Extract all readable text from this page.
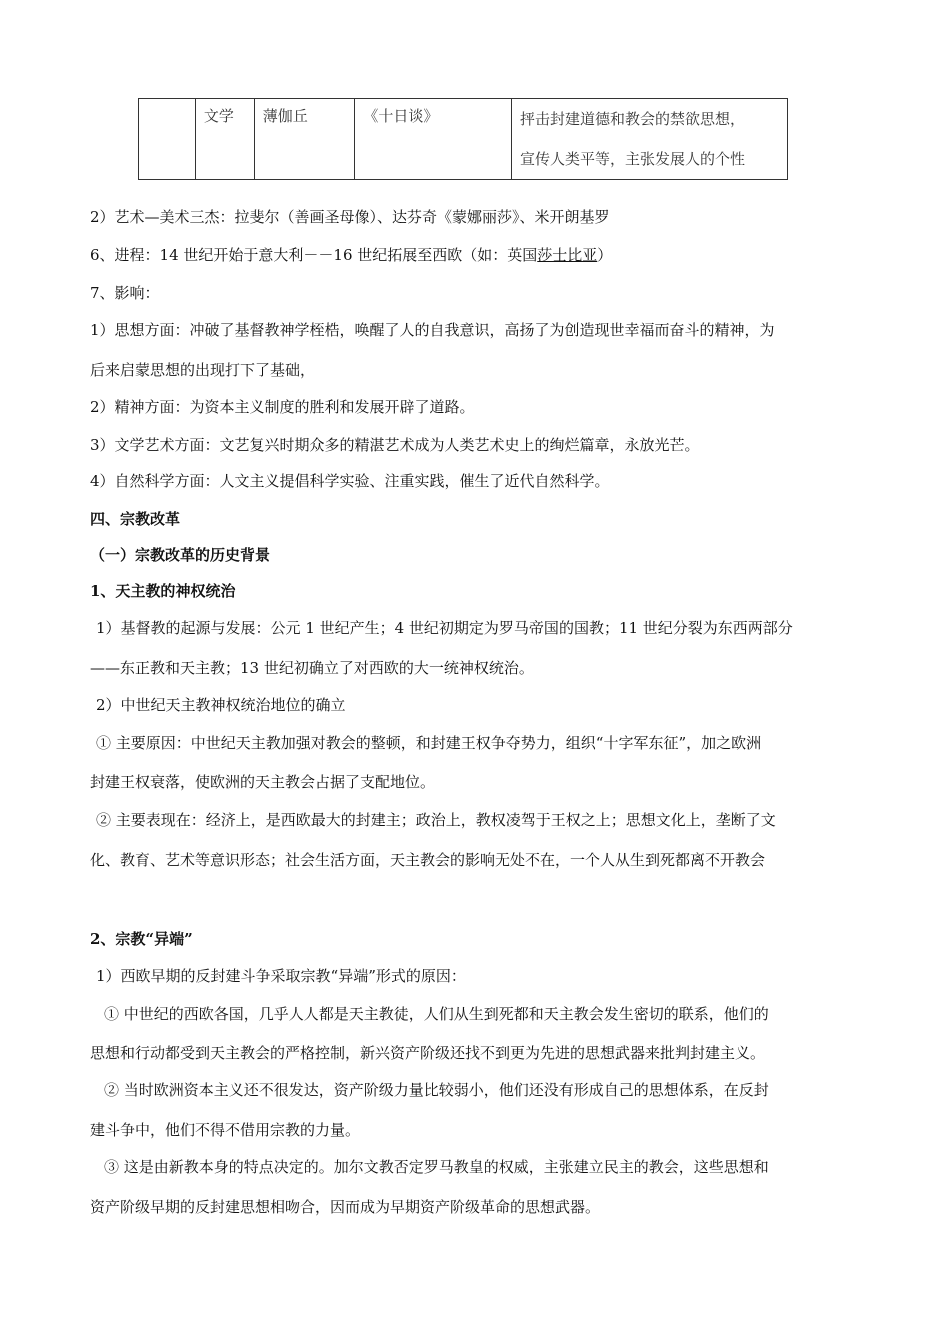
	文学	薄伽丘	《十日谈》	抨击封建道德和教会的禁欲思想，
宣传人类平等，主张发展人的个性
2）艺术—美术三杰：拉斐尔（善画圣母像）、达芬奇《蒙娜丽莎》、米开朗基罗
6、进程：14 世纪开始于意大利－－16 世纪拓展至西欧（如：英国莎士比亚）
7、影响：
1）思想方面：冲破了基督教神学桎梏，唤醒了人的自我意识，高扬了为创造现世幸福而奋斗的精神，为
后来启蒙思想的出现打下了基础，
2）精神方面：为资本主义制度的胜利和发展开辟了道路。
3）文学艺术方面：文艺复兴时期众多的精湛艺术成为人类艺术史上的绚烂篇章，永放光芒。
4）自然科学方面：人文主义提倡科学实验、注重实践，催生了近代自然科学。
四、宗教改革
（一）宗教改革的历史背景
1、天主教的神权统治
1）基督教的起源与发展：公元 1 世纪产生；4 世纪初期定为罗马帝国的国教；11 世纪分裂为东西两部分
——东正教和天主教；13 世纪初确立了对西欧的大一统神权统治。
2）中世纪天主教神权统治地位的确立
① 主要原因：中世纪天主教加强对教会的整顿，和封建王权争夺势力，组织“十字军东征”，加之欧洲
封建王权衰落，使欧洲的天主教会占据了支配地位。
② 主要表现在：经济上，是西欧最大的封建主；政治上，教权凌驾于王权之上；思想文化上，垄断了文
化、教育、艺术等意识形态；社会生活方面，天主教会的影响无处不在，一个人从生到死都离不开教会
2、宗教“异端”
1）西欧早期的反封建斗争采取宗教“异端”形式的原因：
① 中世纪的西欧各国，几乎人人都是天主教徒，人们从生到死都和天主教会发生密切的联系，他们的
思想和行动都受到天主教会的严格控制，新兴资产阶级还找不到更为先进的思想武器来批判封建主义。
② 当时欧洲资本主义还不很发达，资产阶级力量比较弱小，他们还没有形成自己的思想体系，在反封
建斗争中，他们不得不借用宗教的力量。
③ 这是由新教本身的特点决定的。加尔文教否定罗马教皇的权威，主张建立民主的教会，这些思想和
资产阶级早期的反封建思想相吻合，因而成为早期资产阶级革命的思想武器。
